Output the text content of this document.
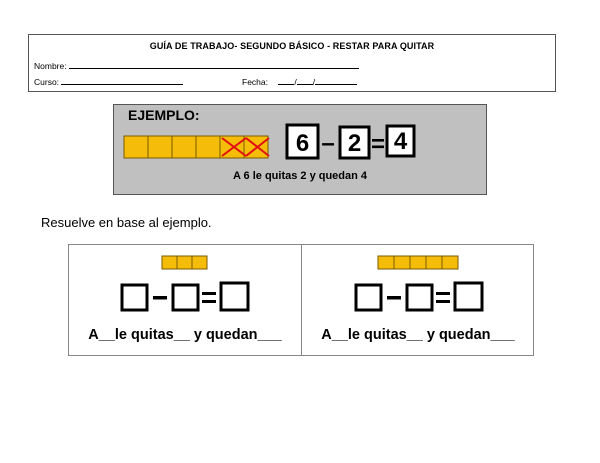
GUÍA DE TRABAJO- SEGUNDO BÁSICO - RESTAR PARA QUITAR
Nombre:
Curso:	Fecha:	/ /
EJEMPLO:
6 – 2 = 4
A 6 le quitas 2 y quedan 4
Resuelve en base al ejemplo.
A__le quitas__ y quedan___	A__le quitas__ y quedan___
